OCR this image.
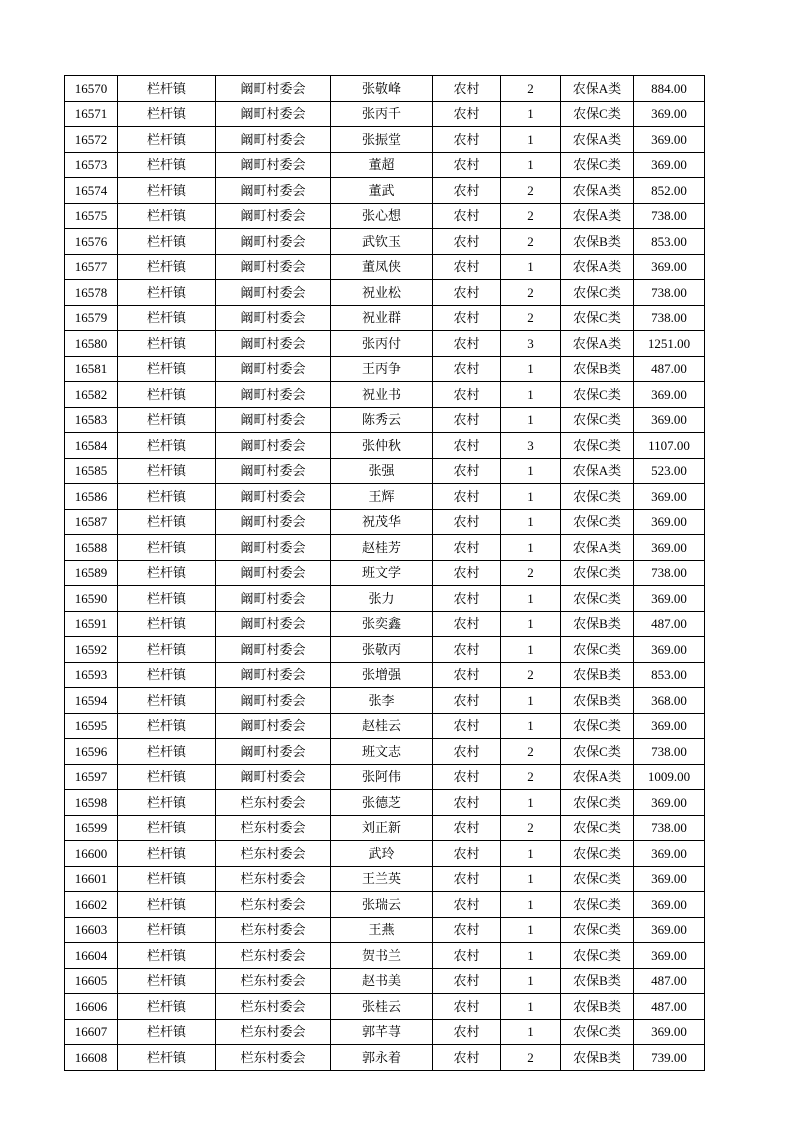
16570	栏杆镇	阚町村委会	张敬峰	农村	2	农保A类	884.00
16571	栏杆镇	阚町村委会	张丙千	农村	1	农保C类	369.00
16572	栏杆镇	阚町村委会	张振堂	农村	1	农保A类	369.00
16573	栏杆镇	阚町村委会	董超	农村	1	农保C类	369.00
16574	栏杆镇	阚町村委会	董武	农村	2	农保A类	852.00
16575	栏杆镇	阚町村委会	张心想	农村	2	农保A类	738.00
16576	栏杆镇	阚町村委会	武钦玉	农村	2	农保B类	853.00
16577	栏杆镇	阚町村委会	董凤侠	农村	1	农保A类	369.00
16578	栏杆镇	阚町村委会	祝业松	农村	2	农保C类	738.00
16579	栏杆镇	阚町村委会	祝业群	农村	2	农保C类	738.00
16580	栏杆镇	阚町村委会	张丙付	农村	3	农保A类	1251.00
16581	栏杆镇	阚町村委会	王丙争	农村	1	农保B类	487.00
16582	栏杆镇	阚町村委会	祝业书	农村	1	农保C类	369.00
16583	栏杆镇	阚町村委会	陈秀云	农村	1	农保C类	369.00
16584	栏杆镇	阚町村委会	张仲秋	农村	3	农保C类	1107.00
16585	栏杆镇	阚町村委会	张强	农村	1	农保A类	523.00
16586	栏杆镇	阚町村委会	王辉	农村	1	农保C类	369.00
16587	栏杆镇	阚町村委会	祝茂华	农村	1	农保C类	369.00
16588	栏杆镇	阚町村委会	赵桂芳	农村	1	农保A类	369.00
16589	栏杆镇	阚町村委会	班文学	农村	2	农保C类	738.00
16590	栏杆镇	阚町村委会	张力	农村	1	农保C类	369.00
16591	栏杆镇	阚町村委会	张奕鑫	农村	1	农保B类	487.00
16592	栏杆镇	阚町村委会	张敬丙	农村	1	农保C类	369.00
16593	栏杆镇	阚町村委会	张增强	农村	2	农保B类	853.00
16594	栏杆镇	阚町村委会	张李	农村	1	农保B类	368.00
16595	栏杆镇	阚町村委会	赵桂云	农村	1	农保C类	369.00
16596	栏杆镇	阚町村委会	班文志	农村	2	农保C类	738.00
16597	栏杆镇	阚町村委会	张阿伟	农村	2	农保A类	1009.00
16598	栏杆镇	栏东村委会	张德芝	农村	1	农保C类	369.00
16599	栏杆镇	栏东村委会	刘正新	农村	2	农保C类	738.00
16600	栏杆镇	栏东村委会	武玲	农村	1	农保C类	369.00
16601	栏杆镇	栏东村委会	王兰英	农村	1	农保C类	369.00
16602	栏杆镇	栏东村委会	张瑞云	农村	1	农保C类	369.00
16603	栏杆镇	栏东村委会	王燕	农村	1	农保C类	369.00
16604	栏杆镇	栏东村委会	贺书兰	农村	1	农保C类	369.00
16605	栏杆镇	栏东村委会	赵书美	农村	1	农保B类	487.00
16606	栏杆镇	栏东村委会	张桂云	农村	1	农保B类	487.00
16607	栏杆镇	栏东村委会	郭芊荨	农村	1	农保C类	369.00
16608	栏杆镇	栏东村委会	郭永着	农村	2	农保B类	739.00
